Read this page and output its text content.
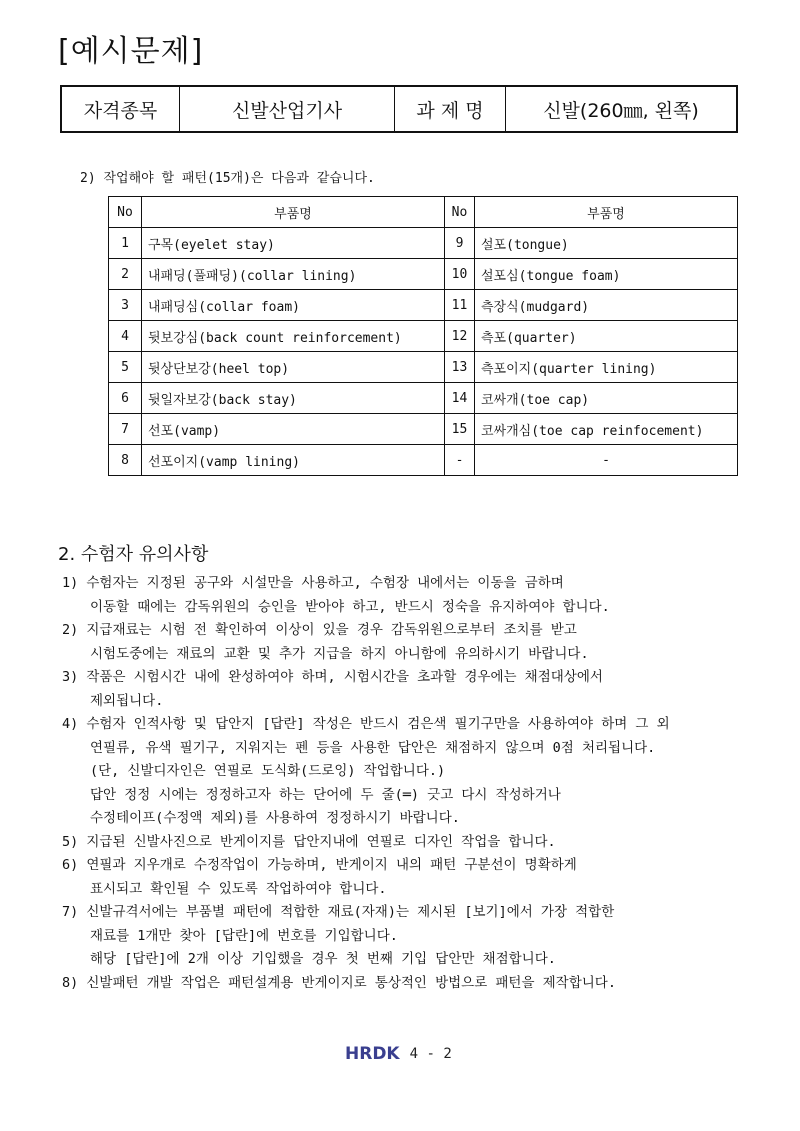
[예시문제]
자격종목	신발산업기사	과 제 명	신발(260㎜, 왼쪽)
2) 작업해야 할 패턴(15개)은 다음과 같습니다.
No	부품명	No	부품명
1	구목(eyelet stay)	9	설포(tongue)
2	내패딩(풀패딩)(collar lining)	10	설포심(tongue foam)
3	내패딩심(collar foam)	11	측장식(mudgard)
4	뒷보강심(back count reinforcement)	12	측포(quarter)
5	뒷상단보강(heel top)	13	측포이지(quarter lining)
6	뒷일자보강(back stay)	14	코싸개(toe cap)
7	선포(vamp)	15	코싸개심(toe cap reinfocement)
8	선포이지(vamp lining)	-	-
2. 수험자 유의사항
1) 수험자는 지정된 공구와 시설만을 사용하고, 수험장 내에서는 이동을 금하며
이동할 때에는 감독위원의 승인을 받아야 하고, 반드시 정숙을 유지하여야 합니다.
2) 지급재료는 시험 전 확인하여 이상이 있을 경우 감독위원으로부터 조치를 받고
시험도중에는 재료의 교환 및 추가 지급을 하지 아니함에 유의하시기 바랍니다.
3) 작품은 시험시간 내에 완성하여야 하며, 시험시간을 초과할 경우에는 채점대상에서
제외됩니다.
4) 수험자 인적사항 및 답안지 [답란] 작성은 반드시 검은색 필기구만을 사용하여야 하며 그 외
연필류, 유색 필기구, 지워지는 펜 등을 사용한 답안은 채점하지 않으며 0점 처리됩니다.
(단, 신발디자인은 연필로 도식화(드로잉) 작업합니다.)
답안 정정 시에는 정정하고자 하는 단어에 두 줄(═) 긋고 다시 작성하거나
수정테이프(수정액 제외)를 사용하여 정정하시기 바랍니다.
5) 지급된 신발사진으로 반게이지를 답안지내에 연필로 디자인 작업을 합니다.
6) 연필과 지우개로 수정작업이 가능하며, 반게이지 내의 패턴 구분선이 명확하게
표시되고 확인될 수 있도록 작업하여야 합니다.
7) 신발규격서에는 부품별 패턴에 적합한 재료(자재)는 제시된 [보기]에서 가장 적합한
재료를 1개만 찾아 [답란]에 번호를 기입합니다.
해당 [답란]에 2개 이상 기입했을 경우 첫 번째 기입 답안만 채점합니다.
8) 신발패턴 개발 작업은 패턴설계용 반게이지로 통상적인 방법으로 패턴을 제작합니다.
HRDK 4 - 2
